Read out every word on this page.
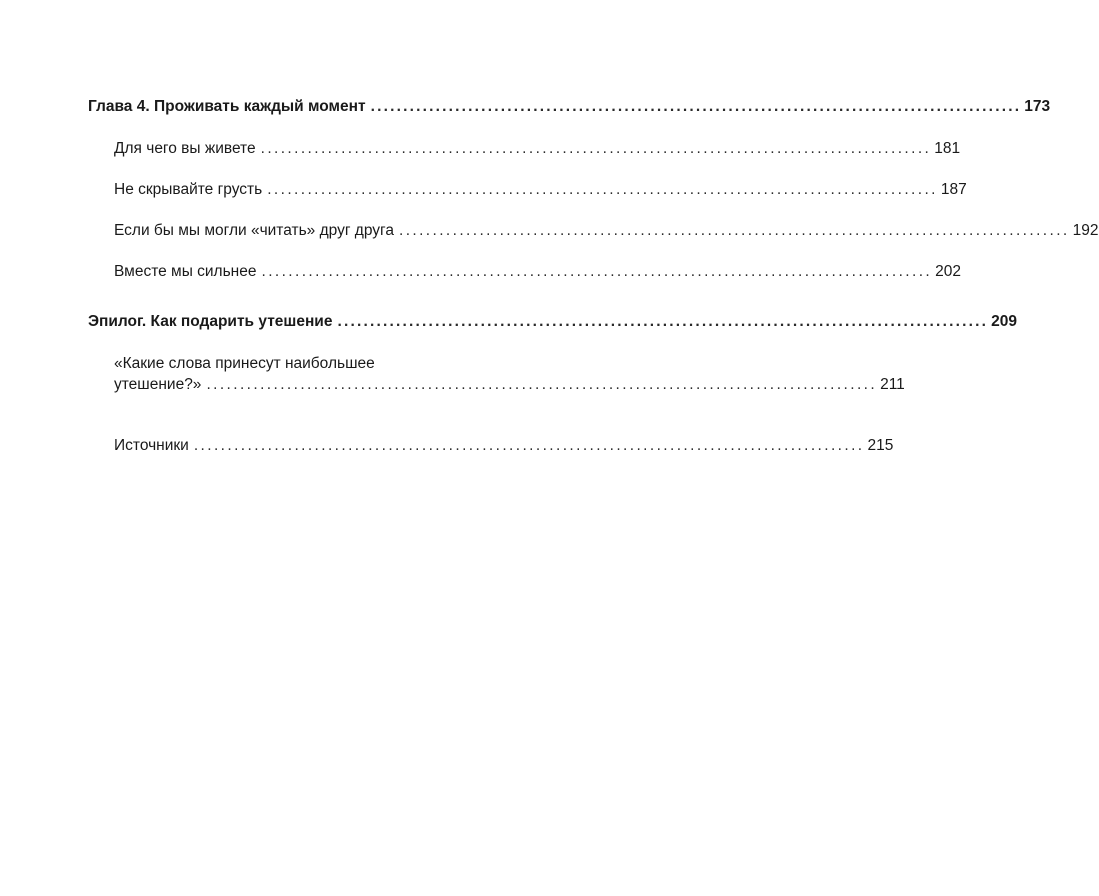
Глава 4. Проживать каждый момент .................................................................................................... 173
Для чего вы живете .................................................................................................... 181
Не скрывайте грусть .................................................................................................... 187
Если бы мы могли «читать» друг друга .................................................................................................... 192
Вместе мы сильнее .................................................................................................... 202
Эпилог. Как подарить утешение .................................................................................................... 209
«Какие слова принесут наибольшее
утешение?» .................................................................................................... 211
Источники .................................................................................................... 215
